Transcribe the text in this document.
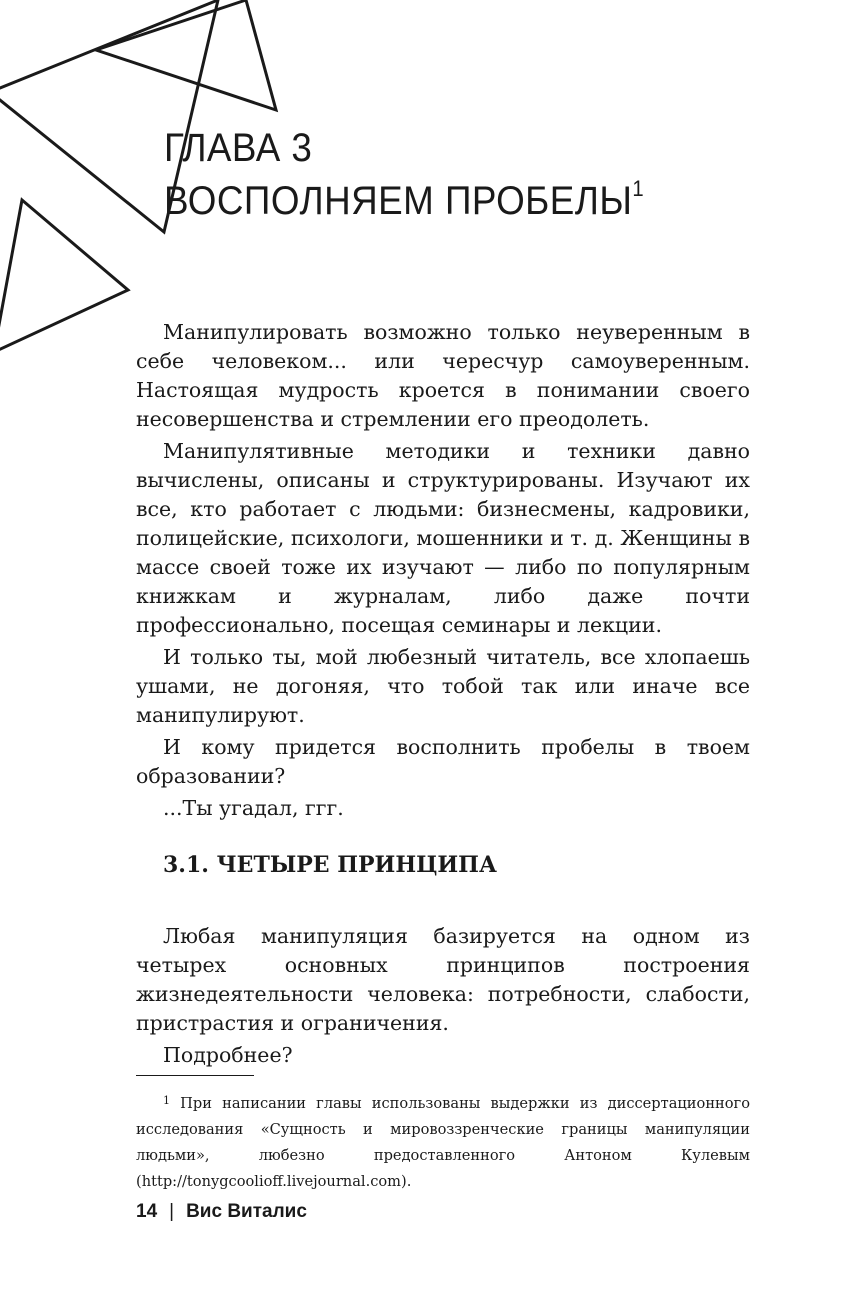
ГЛАВА 3
ВОСПОЛНЯЕМ ПРОБЕЛЫ$^1$

Манипулировать возможно только неуверенным в себе человеком... или чересчур самоуверенным. Настоящая мудрость кроется в понимании своего несовершенства и стремлении его преодолеть.

Манипулятивные методики и техники давно вычислены, описаны и структурированы. Изучают их все, кто работает с людьми: бизнесмены, кадровики, полицейские, психологи, мошенники и т. д. Женщины в массе своей тоже их изучают — либо по популярным книжкам и журналам, либо даже почти профессионально, посещая семинары и лекции.

И только ты, мой любезный читатель, все хлопаешь ушами, не догоняя, что тобой так или иначе все манипулируют.

И кому придется восполнить пробелы в твоем образовании?

...Ты угадал, ггг.

3.1. ЧЕТЫРЕ ПРИНЦИПА

Любая манипуляция базируется на одном из четырех основных принципов построения жизнедеятельности человека: потребности, слабости, пристрастия и ограничения.

Подробнее?

$^1$ При написании главы использованы выдержки из диссертационного исследования «Сущность и мировоззренческие границы манипуляции людьми», любезно предоставленного Антоном Кулевым (http://tonygcoolioff.livejournal.com).

14 | Вис Виталис
